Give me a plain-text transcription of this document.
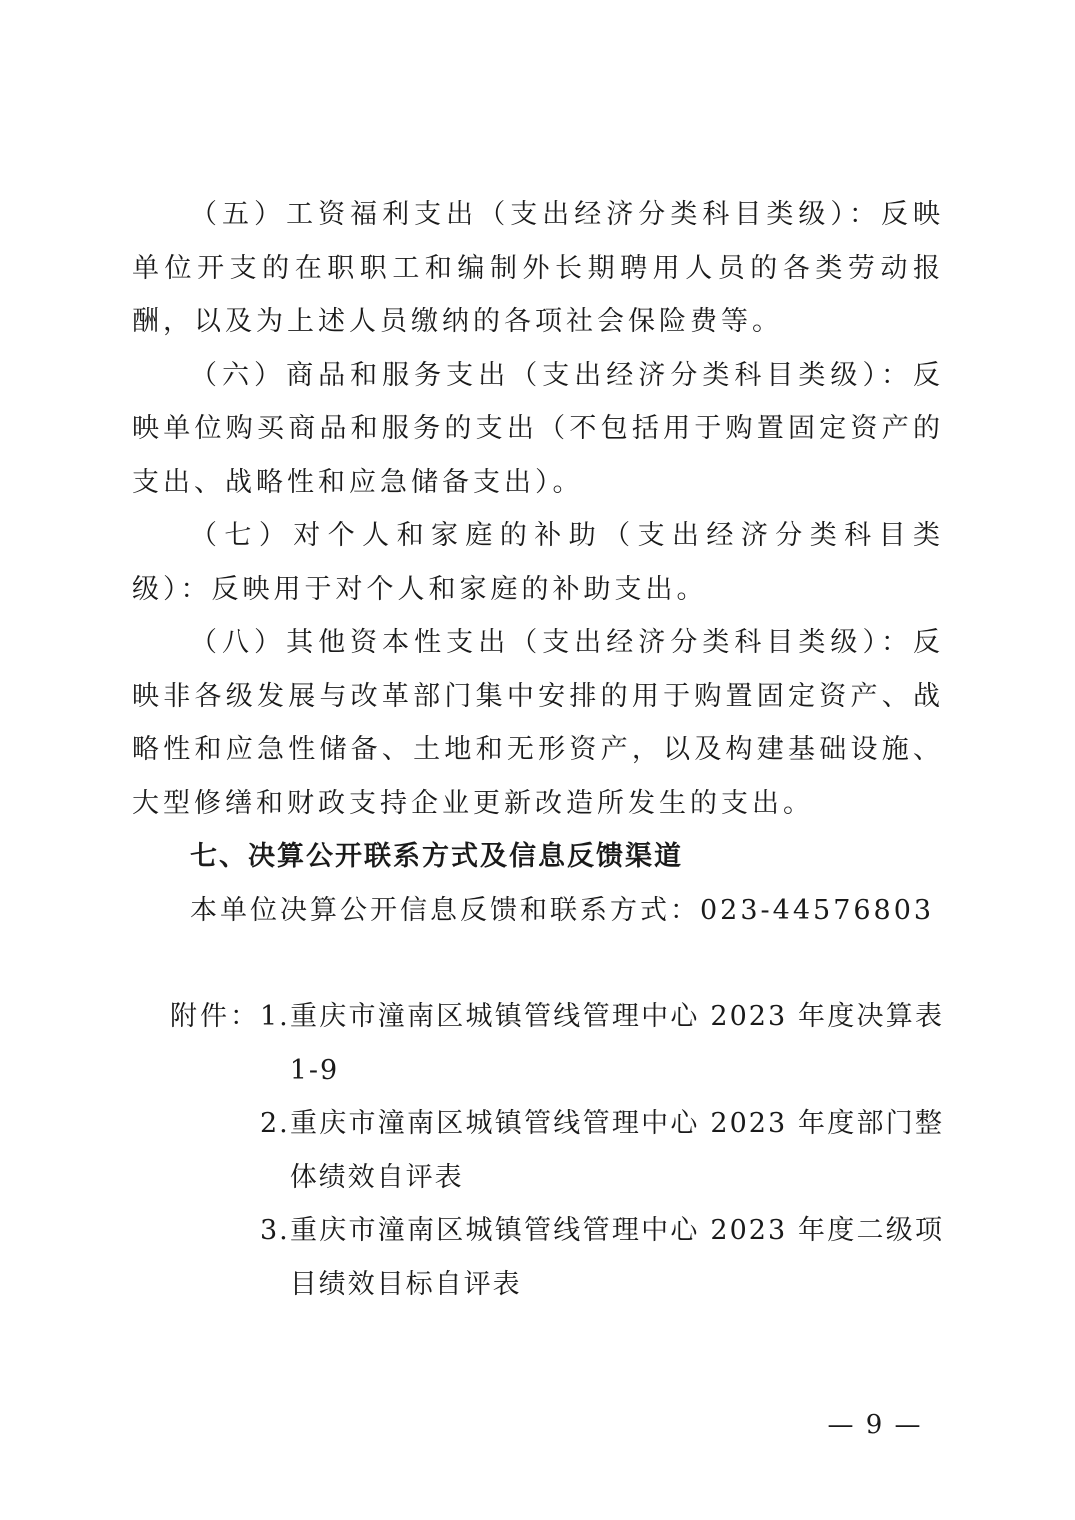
（五）工资福利支出（支出经济分类科目类级）：反映单位开支的在职职工和编制外长期聘用人员的各类劳动报酬，以及为上述人员缴纳的各项社会保险费等。

（六）商品和服务支出（支出经济分类科目类级）：反映单位购买商品和服务的支出（不包括用于购置固定资产的支出、战略性和应急储备支出）。

（七）对个人和家庭的补助（支出经济分类科目类级）：反映用于对个人和家庭的补助支出。

（八）其他资本性支出（支出经济分类科目类级）：反映非各级发展与改革部门集中安排的用于购置固定资产、战略性和应急性储备、土地和无形资产，以及构建基础设施、大型修缮和财政支持企业更新改造所发生的支出。

七、决算公开联系方式及信息反馈渠道

本单位决算公开信息反馈和联系方式：023-44576803

附件： 1.重庆市潼南区城镇管线管理中心 2023 年度决算表 1-9
2.重庆市潼南区城镇管线管理中心 2023 年度部门整体绩效自评表
3.重庆市潼南区城镇管线管理中心 2023 年度二级项目绩效目标自评表
— 9 —
